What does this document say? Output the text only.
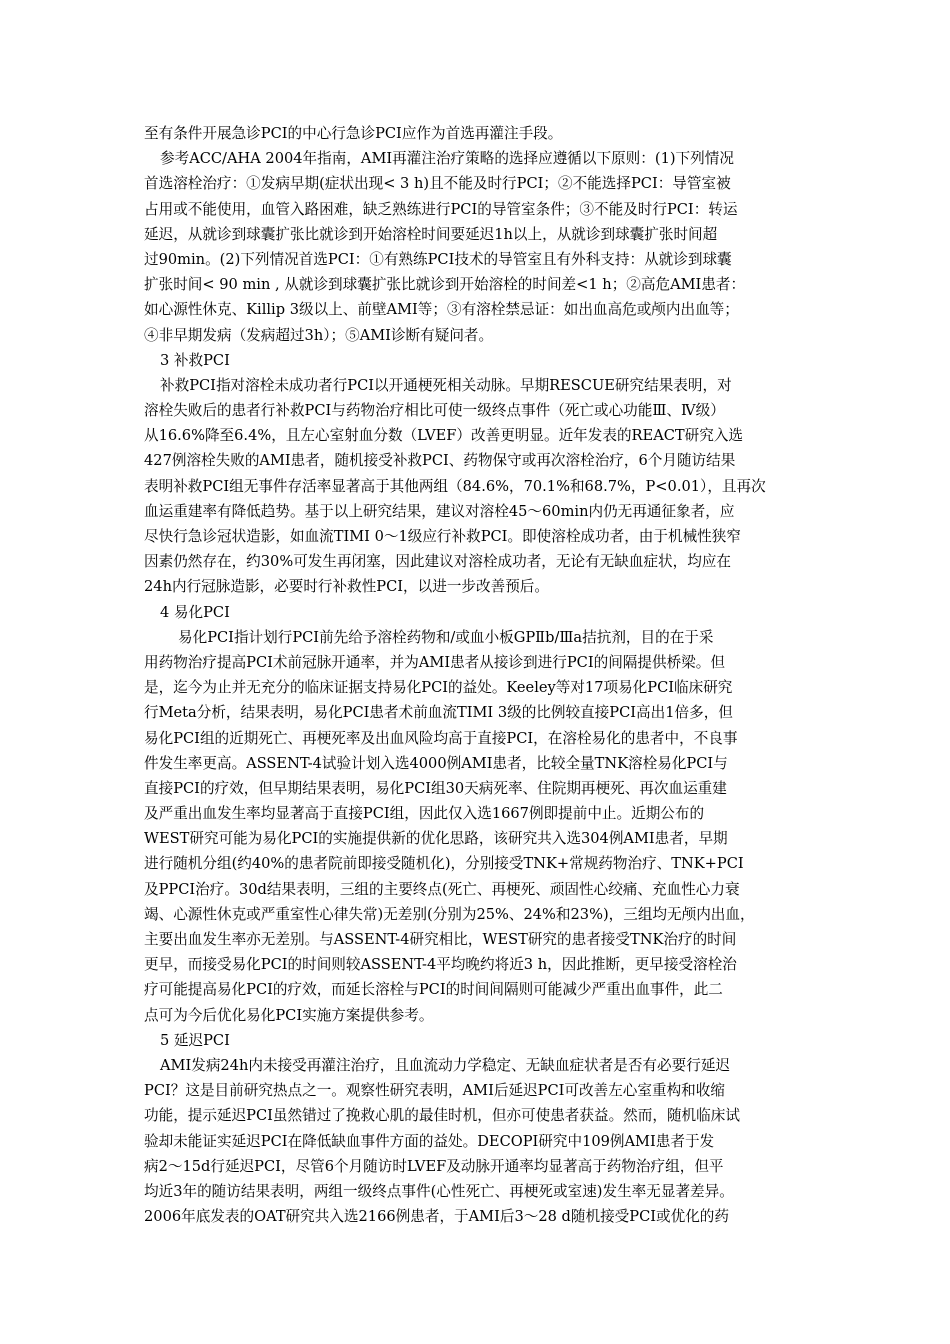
至有条件开展急诊PCI的中心行急诊PCI应作为首选再灌注手段。
参考ACC/AHA 2004年指南，AMI再灌注治疗策略的选择应遵循以下原则：(1)下列情况
首选溶栓治疗：①发病早期(症状出现< 3 h)且不能及时行PCI；②不能选择PCI：导管室被
占用或不能使用，血管入路困难，缺乏熟练进行PCI的导管室条件；③不能及时行PCI：转运
延迟，从就诊到球囊扩张比就诊到开始溶栓时间要延迟1h以上，从就诊到球囊扩张时间超
过90min。(2)下列情况首选PCI：①有熟练PCI技术的导管室且有外科支持：从就诊到球囊
扩张时间< 90 min , 从就诊到球囊扩张比就诊到开始溶栓的时间差<1 h；②高危AMI患者：
如心源性休克、Killip 3级以上、前壁AMI等；③有溶栓禁忌证：如出血高危或颅内出血等；
④非早期发病（发病超过3h）；⑤AMI诊断有疑问者。
3 补救PCI
补救PCI指对溶栓未成功者行PCI以开通梗死相关动脉。早期RESCUE研究结果表明，对
溶栓失败后的患者行补救PCI与药物治疗相比可使一级终点事件（死亡或心功能Ⅲ、Ⅳ级）
从16.6%降至6.4%，且左心室射血分数（LVEF）改善更明显。近年发表的REACT研究入选
427例溶栓失败的AMI患者，随机接受补救PCI、药物保守或再次溶栓治疗，6个月随访结果
表明补救PCI组无事件存活率显著高于其他两组（84.6%，70.1%和68.7%，P<0.01），且再次
血运重建率有降低趋势。基于以上研究结果，建议对溶栓45～60min内仍无再通征象者，应
尽快行急诊冠状造影，如血流TIMI 0～1级应行补救PCI。即使溶栓成功者，由于机械性狭窄
因素仍然存在，约30%可发生再闭塞，因此建议对溶栓成功者，无论有无缺血症状，均应在
24h内行冠脉造影，必要时行补救性PCI，以进一步改善预后。
4 易化PCI
易化PCI指计划行PCI前先给予溶栓药物和/或血小板GPⅡb/Ⅲa拮抗剂，目的在于采
用药物治疗提高PCI术前冠脉开通率，并为AMI患者从接诊到进行PCI的间隔提供桥梁。但
是，迄今为止并无充分的临床证据支持易化PCI的益处。Keeley等对17项易化PCI临床研究
行Meta分析，结果表明，易化PCI患者术前血流TIMI 3级的比例较直接PCI高出1倍多，但
易化PCI组的近期死亡、再梗死率及出血风险均高于直接PCI，在溶栓易化的患者中，不良事
件发生率更高。ASSENT-4试验计划入选4000例AMI患者，比较全量TNK溶栓易化PCI与
直接PCI的疗效，但早期结果表明，易化PCI组30天病死率、住院期再梗死、再次血运重建
及严重出血发生率均显著高于直接PCI组，因此仅入选1667例即提前中止。近期公布的
WEST研究可能为易化PCI的实施提供新的优化思路，该研究共入选304例AMI患者，早期
进行随机分组(约40%的患者院前即接受随机化)，分别接受TNK+常规药物治疗、TNK+PCI
及PPCI治疗。30d结果表明，三组的主要终点(死亡、再梗死、顽固性心绞痛、充血性心力衰
竭、心源性休克或严重室性心律失常)无差别(分别为25%、24%和23%)，三组均无颅内出血，
主要出血发生率亦无差别。与ASSENT-4研究相比，WEST研究的患者接受TNK治疗的时间
更早，而接受易化PCI的时间则较ASSENT-4平均晚约将近3 h，因此推断，更早接受溶栓治
疗可能提高易化PCI的疗效，而延长溶栓与PCI的时间间隔则可能减少严重出血事件，此二
点可为今后优化易化PCI实施方案提供参考。
5 延迟PCI
AMI发病24h内未接受再灌注治疗，且血流动力学稳定、无缺血症状者是否有必要行延迟
PCI？这是目前研究热点之一。观察性研究表明，AMI后延迟PCI可改善左心室重构和收缩
功能，提示延迟PCI虽然错过了挽救心肌的最佳时机，但亦可使患者获益。然而，随机临床试
验却未能证实延迟PCI在降低缺血事件方面的益处。DECOPI研究中109例AMI患者于发
病2～15d行延迟PCI，尽管6个月随访时LVEF及动脉开通率均显著高于药物治疗组，但平
均近3年的随访结果表明，两组一级终点事件(心性死亡、再梗死或室速)发生率无显著差异。
2006年底发表的OAT研究共入选2166例患者，于AMI后3～28 d随机接受PCI或优化的药
